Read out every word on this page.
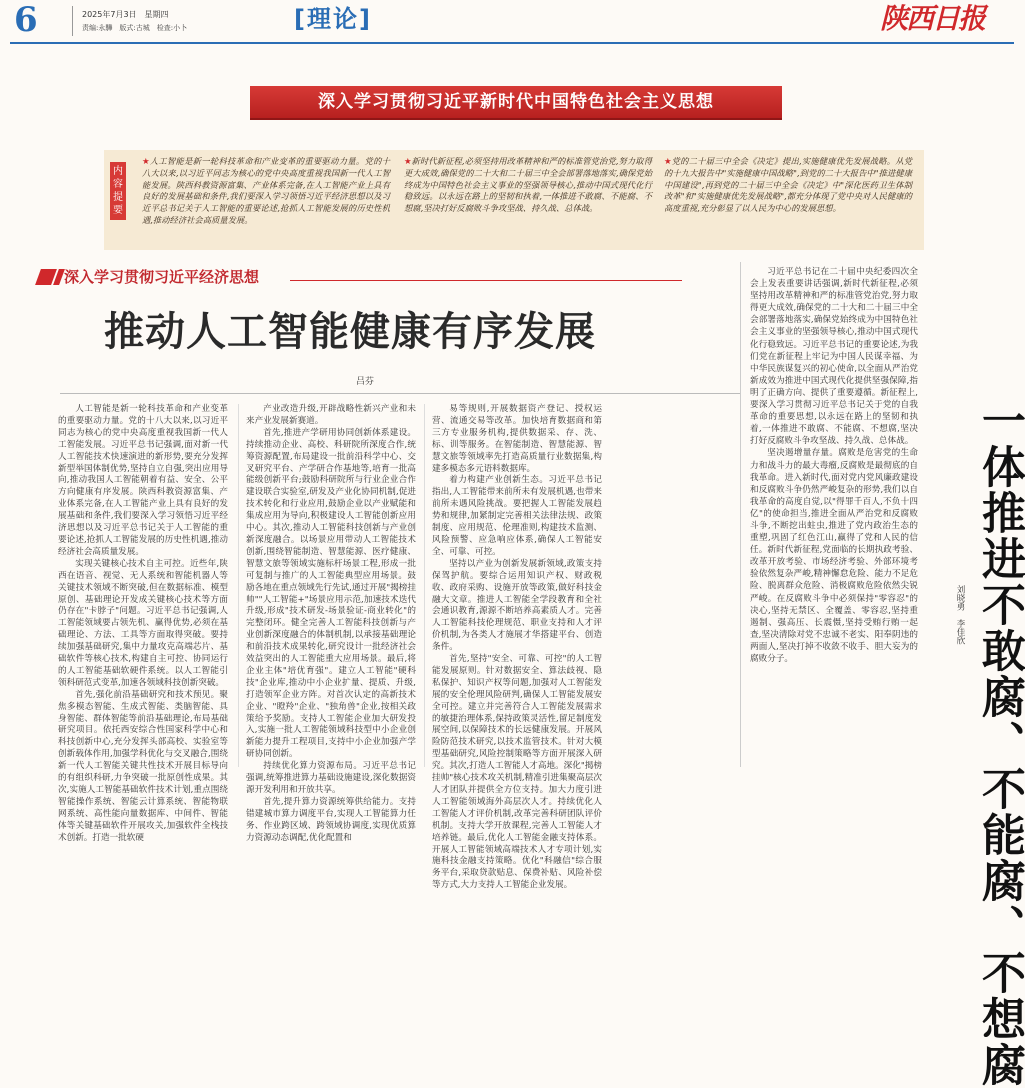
6	2025年7月3日　星期四
责编:永驊　版式:古城　检查:小卜	[理论]	陕西日报
深入学习贯彻习近平新时代中国特色社会主义思想
内容提要
★人工智能是新一轮科技革命和产业变革的重要驱动力量。党的十八大以来,以习近平同志为核心的党中央高度重视我国新一代人工智能发展。陕西科教资源富集、产业体系完备,在人工智能产业上具有良好的发展基础和条件,我们要深入学习领悟习近平经济思想以及习近平总书记关于人工智能的重要论述,抢抓人工智能发展的历史性机遇,推动经济社会高质量发展。
★新时代新征程,必须坚持用改革精神和严的标准管党治党,努力取得更大成效,确保党的二十大和二十届三中全会部署落地落实,确保党始终成为中国特色社会主义事业的坚强领导核心,推动中国式现代化行稳致远。以永远在路上的坚韧和执着,一体推进不敢腐、不能腐、不想腐,坚决打好反腐败斗争攻坚战、持久战、总体战。
★党的二十届三中全会《决定》提出,实施健康优先发展战略。从党的十九大报告中"实施健康中国战略",到党的二十大报告中"推进健康中国建设",再到党的二十届三中全会《决定》中"深化医药卫生体制改革"和"实施健康优先发展战略",都充分体现了党中央对人民健康的高度重视,充分彰显了以人民为中心的发展思想。
深入学习贯彻习近平经济思想
推动人工智能健康有序发展
吕芬

人工智能是新一轮科技革命和产业变革的重要驱动力量。党的十八大以来,以习近平同志为核心的党中央高度重视我国新一代人工智能发展。习近平总书记强调,面对新一代人工智能技术快速演进的新形势,要充分发挥新型举国体制优势,坚持自立自强,突出应用导向,推动我国人工智能朝着有益、安全、公平方向健康有序发展。陕西科教资源富集、产业体系完备,在人工智能产业上具有良好的发展基础和条件,我们要深入学习领悟习近平经济思想以及习近平总书记关于人工智能的重要论述,抢抓人工智能发展的历史性机遇,推动经济社会高质量发展。

实现关键核心技术自主可控。近些年,陕西在语音、视觉、无人系统和智能机器人等关键技术领域不断突破,但在数据标准、模型原创、基础理论开发成关键核心技术等方面仍存在"卡脖子"问题。习近平总书记强调,人工智能领域要占领先机、赢得优势,必须在基础理论、方法、工具等方面取得突破。要持续加强基础研究,集中力量攻克高端芯片、基础软件等核心技术,构建自主可控、协同运行的人工智能基础软硬件系统。以人工智能引领科研范式变革,加速各领域科技创新突破。

首先,强化前沿基础研究和技术预见。聚焦多模态智能、生成式智能、类脑智能、具身智能、群体智能等前沿基础理论,布局基础研究项目。依托西安综合性国家科学中心和科技创新中心,充分发挥头部高校、实验室等创新载体作用,加强学科优化与交叉融合,围绕新一代人工智能关键共性技术开展目标导向的有组织科研,力争突破一批原创性成果。其次,实施人工智能基础软件技术计划,重点围绕智能操作系统、智能云计算系统、智能物联网系统、高性能向量数据库、中间件、智能体等关键基础软件开展攻关,加强软件全栈技术创新。打造一批软硬

产业改造升级,开辟战略性新兴产业和未来产业发展新赛道。

首先,推进产学研用协同创新体系建设。持续推动企业、高校、科研院所深度合作,统筹资源配置,布局建设一批前沿科学中心、交叉研究平台、产学研合作基地等,培育一批高能级创新平台;鼓励科研院所与行业企业合作建设联合实验室,研发及产业化协同机制,促进技术转化和行业应用,鼓励企业以产业赋能和集成应用为导向,积极建设人工智能创新应用中心。其次,推动人工智能科技创新与产业创新深度融合。以场景应用带动人工智能技术创新,围绕智能制造、智慧能源、医疗健康、智慧文旅等领域实施标杆场景工程,形成一批可复制与推广的人工智能典型应用场景。鼓励各地在重点领域先行先试,通过开展"揭榜挂帅""人工智能+"场景应用示范,加速技术迭代升级,形成"技术研发-场景验证-商业转化"的完整闭环。健全完善人工智能科技创新与产业创新深度融合的体制机制,以承接基础理论和前沿技术成果转化,研究设计一批经济社会效益突出的人工智能重大应用场景。最后,将企业主体"培优育强"。建立人工智能"硬科技"企业库,推动中小企业扩量、提质、升级,打造领军企业方阵。对首次认定的高新技术企业、"瞪羚"企业、"独角兽"企业,按相关政策给予奖励。支持人工智能企业加大研发投入,实施一批人工智能领域科技型中小企业创新能力提升工程项目,支持中小企业加强产学研协同创新。

持续优化算力资源布局。习近平总书记强调,统筹推进算力基础设施建设,深化数据资源开发利用和开放共享。

首先,提升算力资源统筹供给能力。支持错建城市算力调度平台,实现人工智能算力任务、作业跨区域、跨领域协调度,实现优质算力资源动态调配,优化配置和

易等规则,开展数据资产登记、授权运营、流通交易等改革。加快培育数据商和第三方专业服务机构,提供数据采、存、洗、标、训等服务。在智能制造、智慧能源、智慧文旅等领域率先打造高质量行业数据集,构建多模态多元语料数据库。

着力构建产业创新生态。习近平总书记指出,人工智能带来前所未有发展机遇,也带来前所未遇风险挑战。要把握人工智能发展趋势和规律,加紧制定完善相关法律法规、政策制度、应用规范、伦理准则,构建技术监测、风险预警、应急响应体系,确保人工智能安全、可靠、可控。

坚持以产业为创新发展新领域,政策支持保驾护航。要综合运用知识产权、财政税收、政府采购、设施开放等政策,做好科技金融大文章。推进人工智能全学段教育和全社会通识教育,源源不断培养高素质人才。完善人工智能科技伦理规范、职业支持和人才评价机制,为各类人才施展才华搭建平台、创造条件。

首先,坚持"安全、可靠、可控"的人工智能发展原则。针对数据安全、算法歧视、隐私保护、知识产权等问题,加强对人工智能发展的安全伦理风险研判,确保人工智能发展安全可控。建立并完善符合人工智能发展需求的敏捷治理体系,保持政策灵活性,留足制度发展空间,以保障技术的长远健康发展。开展风险防范技术研究,以技术监管技术。针对大模型基础研究,风险控制策略等方面开展深入研究。其次,打造人工智能人才高地。深化"揭榜挂帅"核心技术攻关机制,精准引进集聚高层次人才团队并提供全方位支持。加大力度引进人工智能领域海外高层次人才。持续优化人工智能人才评价机制,改革完善科研团队评价机制。支持大学开放课程,完善人工智能人才培养链。最后,优化人工智能金融支持体系。开展人工智能领域高端技术人才专项计划,实施科技金融支持策略。优化"科融信"综合服务平台,采取贷款贴息、保费补贴、风险补偿等方式,大力支持人工智能企业发展。

习近平总书记在二十届中央纪委四次全会上发表重要讲话强调,新时代新征程,必须坚持用改革精神和严的标准管党治党,努力取得更大成效,确保党的二十大和二十届三中全会部署落地落实,确保党始终成为中国特色社会主义事业的坚强领导核心,推动中国式现代化行稳致远。习近平总书记的重要论述,为我们党在新征程上牢记为中国人民谋幸福、为中华民族谋复兴的初心使命,以全面从严治党新成效为推进中国式现代化提供坚强保障,指明了正确方向、提供了重要遵循。新征程上,要深入学习贯彻习近平总书记关于党的自我革命的重要思想,以永远在路上的坚韧和执着,一体推进不敢腐、不能腐、不想腐,坚决打好反腐败斗争攻坚战、持久战、总体战。

坚决遏增量存量。腐败是危害党的生命力和战斗力的最大毒瘤,反腐败是最彻底的自我革命。进入新时代,面对党内党风廉政建设和反腐败斗争仍然严峻复杂的形势,我们以自我革命的高度自觉,以"得罪千百人,不负十四亿"的使命担当,推进全面从严治党和反腐败斗争,不断挖出蛀虫,推进了党内政治生态的重塑,巩固了红色江山,赢得了党和人民的信任。新时代新征程,党面临的长期执政考验、改革开放考验、市场经济考验、外部环境考验依然复杂严峻,精神懈怠危险、能力不足危险、脱离群众危险、消极腐败危险依然尖锐严峻。在反腐败斗争中必须保持"零容忍"的决心,坚持无禁区、全覆盖、零容忍,坚持重遏制、强高压、长震慑,坚持受贿行贿一起查,坚决清除对党不忠诚不老实、阳奉阴违的两面人,坚决打掉不收敛不收手、胆大妄为的腐败分子。

刘晓勇　李佳欣 一体推进不敢腐、不能腐、不想腐
